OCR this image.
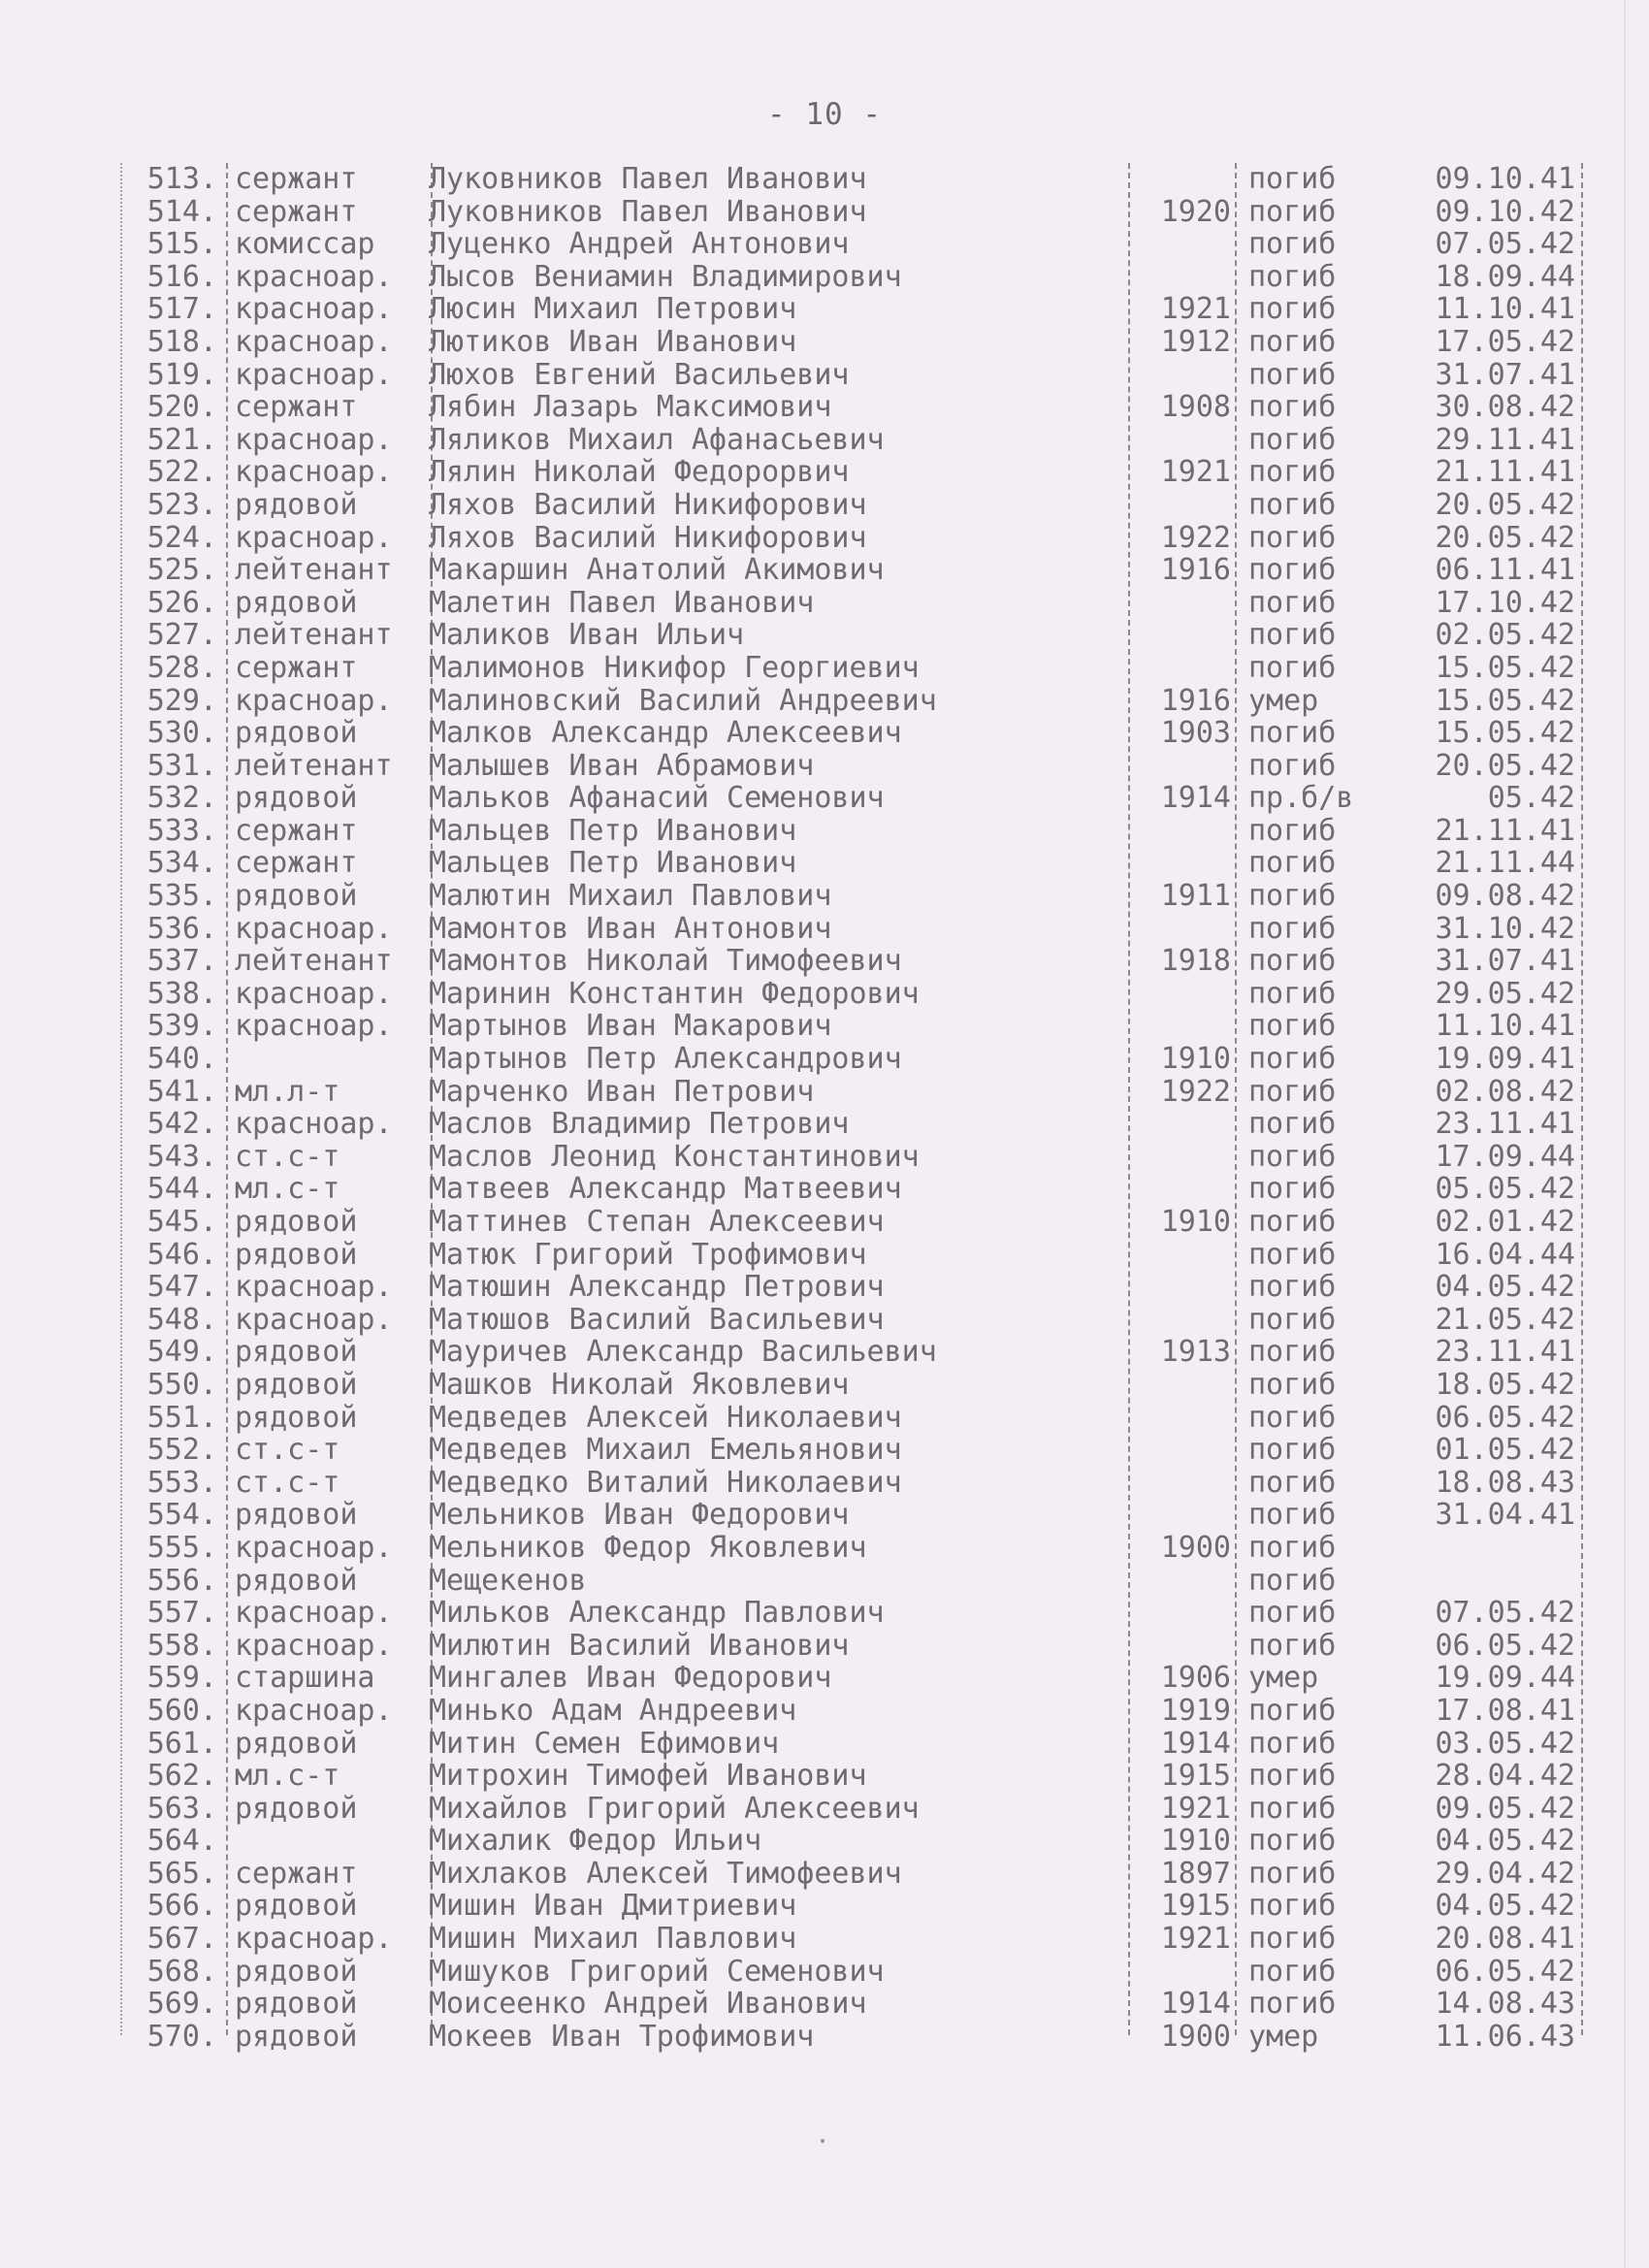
- 10 -
513. сержант	Луковников Павел Иванович	погиб	09.10.41
514. сержант	Луковников Павел Иванович	1920 погиб	09.10.42
515. комиссар	Луценко Андрей Антонович	погиб	07.05.42
516. красноар.	Лысов Вениамин Владимирович	погиб	18.09.44
517. красноар.	Люсин Михаил Петрович	1921 погиб	11.10.41
518. красноар.	Лютиков Иван Иванович	1912 погиб	17.05.42
519. красноар.	Люхов Евгений Васильевич	погиб	31.07.41
520. сержант	Лябин Лазарь Максимович	1908 погиб	30.08.42
521. красноар.	Ляликов Михаил Афанасьевич	погиб	29.11.41
522. красноар.	Лялин Николай Федорорвич	1921 погиб	21.11.41
523. рядовой	Ляхов Василий Никифорович	погиб	20.05.42
524. красноар.	Ляхов Василий Никифорович	1922 погиб	20.05.42
525. лейтенант	Макаршин Анатолий Акимович	1916 погиб	06.11.41
526. рядовой	Малетин Павел Иванович	погиб	17.10.42
527. лейтенант	Маликов Иван Ильич	погиб	02.05.42
528. сержант	Малимонов Никифор Георгиевич	погиб	15.05.42
529. красноар.	Малиновский Василий Андреевич	1916 умер	15.05.42
530. рядовой	Малков Александр Алексеевич	1903 погиб	15.05.42
531. лейтенант	Малышев Иван Абрамович	погиб	20.05.42
532. рядовой	Мальков Афанасий Семенович	1914 пр.б/в	05.42
533. сержант	Мальцев Петр Иванович	погиб	21.11.41
534. сержант	Мальцев Петр Иванович	погиб	21.11.44
535. рядовой	Малютин Михаил Павлович	1911 погиб	09.08.42
536. красноар.	Мамонтов Иван Антонович	погиб	31.10.42
537. лейтенант	Мамонтов Николай Тимофеевич	1918 погиб	31.07.41
538. красноар.	Маринин Константин Федорович	погиб	29.05.42
539. красноар.	Мартынов Иван Макарович	погиб	11.10.41
540.	Мартынов Петр Александрович	1910 погиб	19.09.41
541. мл.л-т	Марченко Иван Петрович	1922 погиб	02.08.42
542. красноар.	Маслов Владимир Петрович	погиб	23.11.41
543. ст.с-т	Маслов Леонид Константинович	погиб	17.09.44
544. мл.с-т	Матвеев Александр Матвеевич	погиб	05.05.42
545. рядовой	Маттинев Степан Алексеевич	1910 погиб	02.01.42
546. рядовой	Матюк Григорий Трофимович	погиб	16.04.44
547. красноар.	Матюшин Александр Петрович	погиб	04.05.42
548. красноар.	Матюшов Василий Васильевич	погиб	21.05.42
549. рядовой	Мауричев Александр Васильевич	1913 погиб	23.11.41
550. рядовой	Машков Николай Яковлевич	погиб	18.05.42
551. рядовой	Медведев Алексей Николаевич	погиб	06.05.42
552. ст.с-т	Медведев Михаил Емельянович	погиб	01.05.42
553. ст.с-т	Медведко Виталий Николаевич	погиб	18.08.43
554. рядовой	Мельников Иван Федорович	погиб	31.04.41
555. красноар.	Мельников Федор Яковлевич	1900 погиб
556. рядовой	Мещекенов	погиб
557. красноар.	Мильков Александр Павлович	погиб	07.05.42
558. красноар.	Милютин Василий Иванович	погиб	06.05.42
559. старшина	Мингалев Иван Федорович	1906 умер	19.09.44
560. красноар.	Минько Адам Андреевич	1919 погиб	17.08.41
561. рядовой	Митин Семен Ефимович	1914 погиб	03.05.42
562. мл.с-т	Митрохин Тимофей Иванович	1915 погиб	28.04.42
563. рядовой	Михайлов Григорий Алексеевич	1921 погиб	09.05.42
564.	Михалик Федор Ильич	1910 погиб	04.05.42
565. сержант	Михлаков Алексей Тимофеевич	1897 погиб	29.04.42
566. рядовой	Мишин Иван Дмитриевич	1915 погиб	04.05.42
567. красноар.	Мишин Михаил Павлович	1921 погиб	20.08.41
568. рядовой	Мишуков Григорий Семенович	погиб	06.05.42
569. рядовой	Моисеенко Андрей Иванович	1914 погиб	14.08.43
570. рядовой	Мокеев Иван Трофимович	1900 умер	11.06.43
